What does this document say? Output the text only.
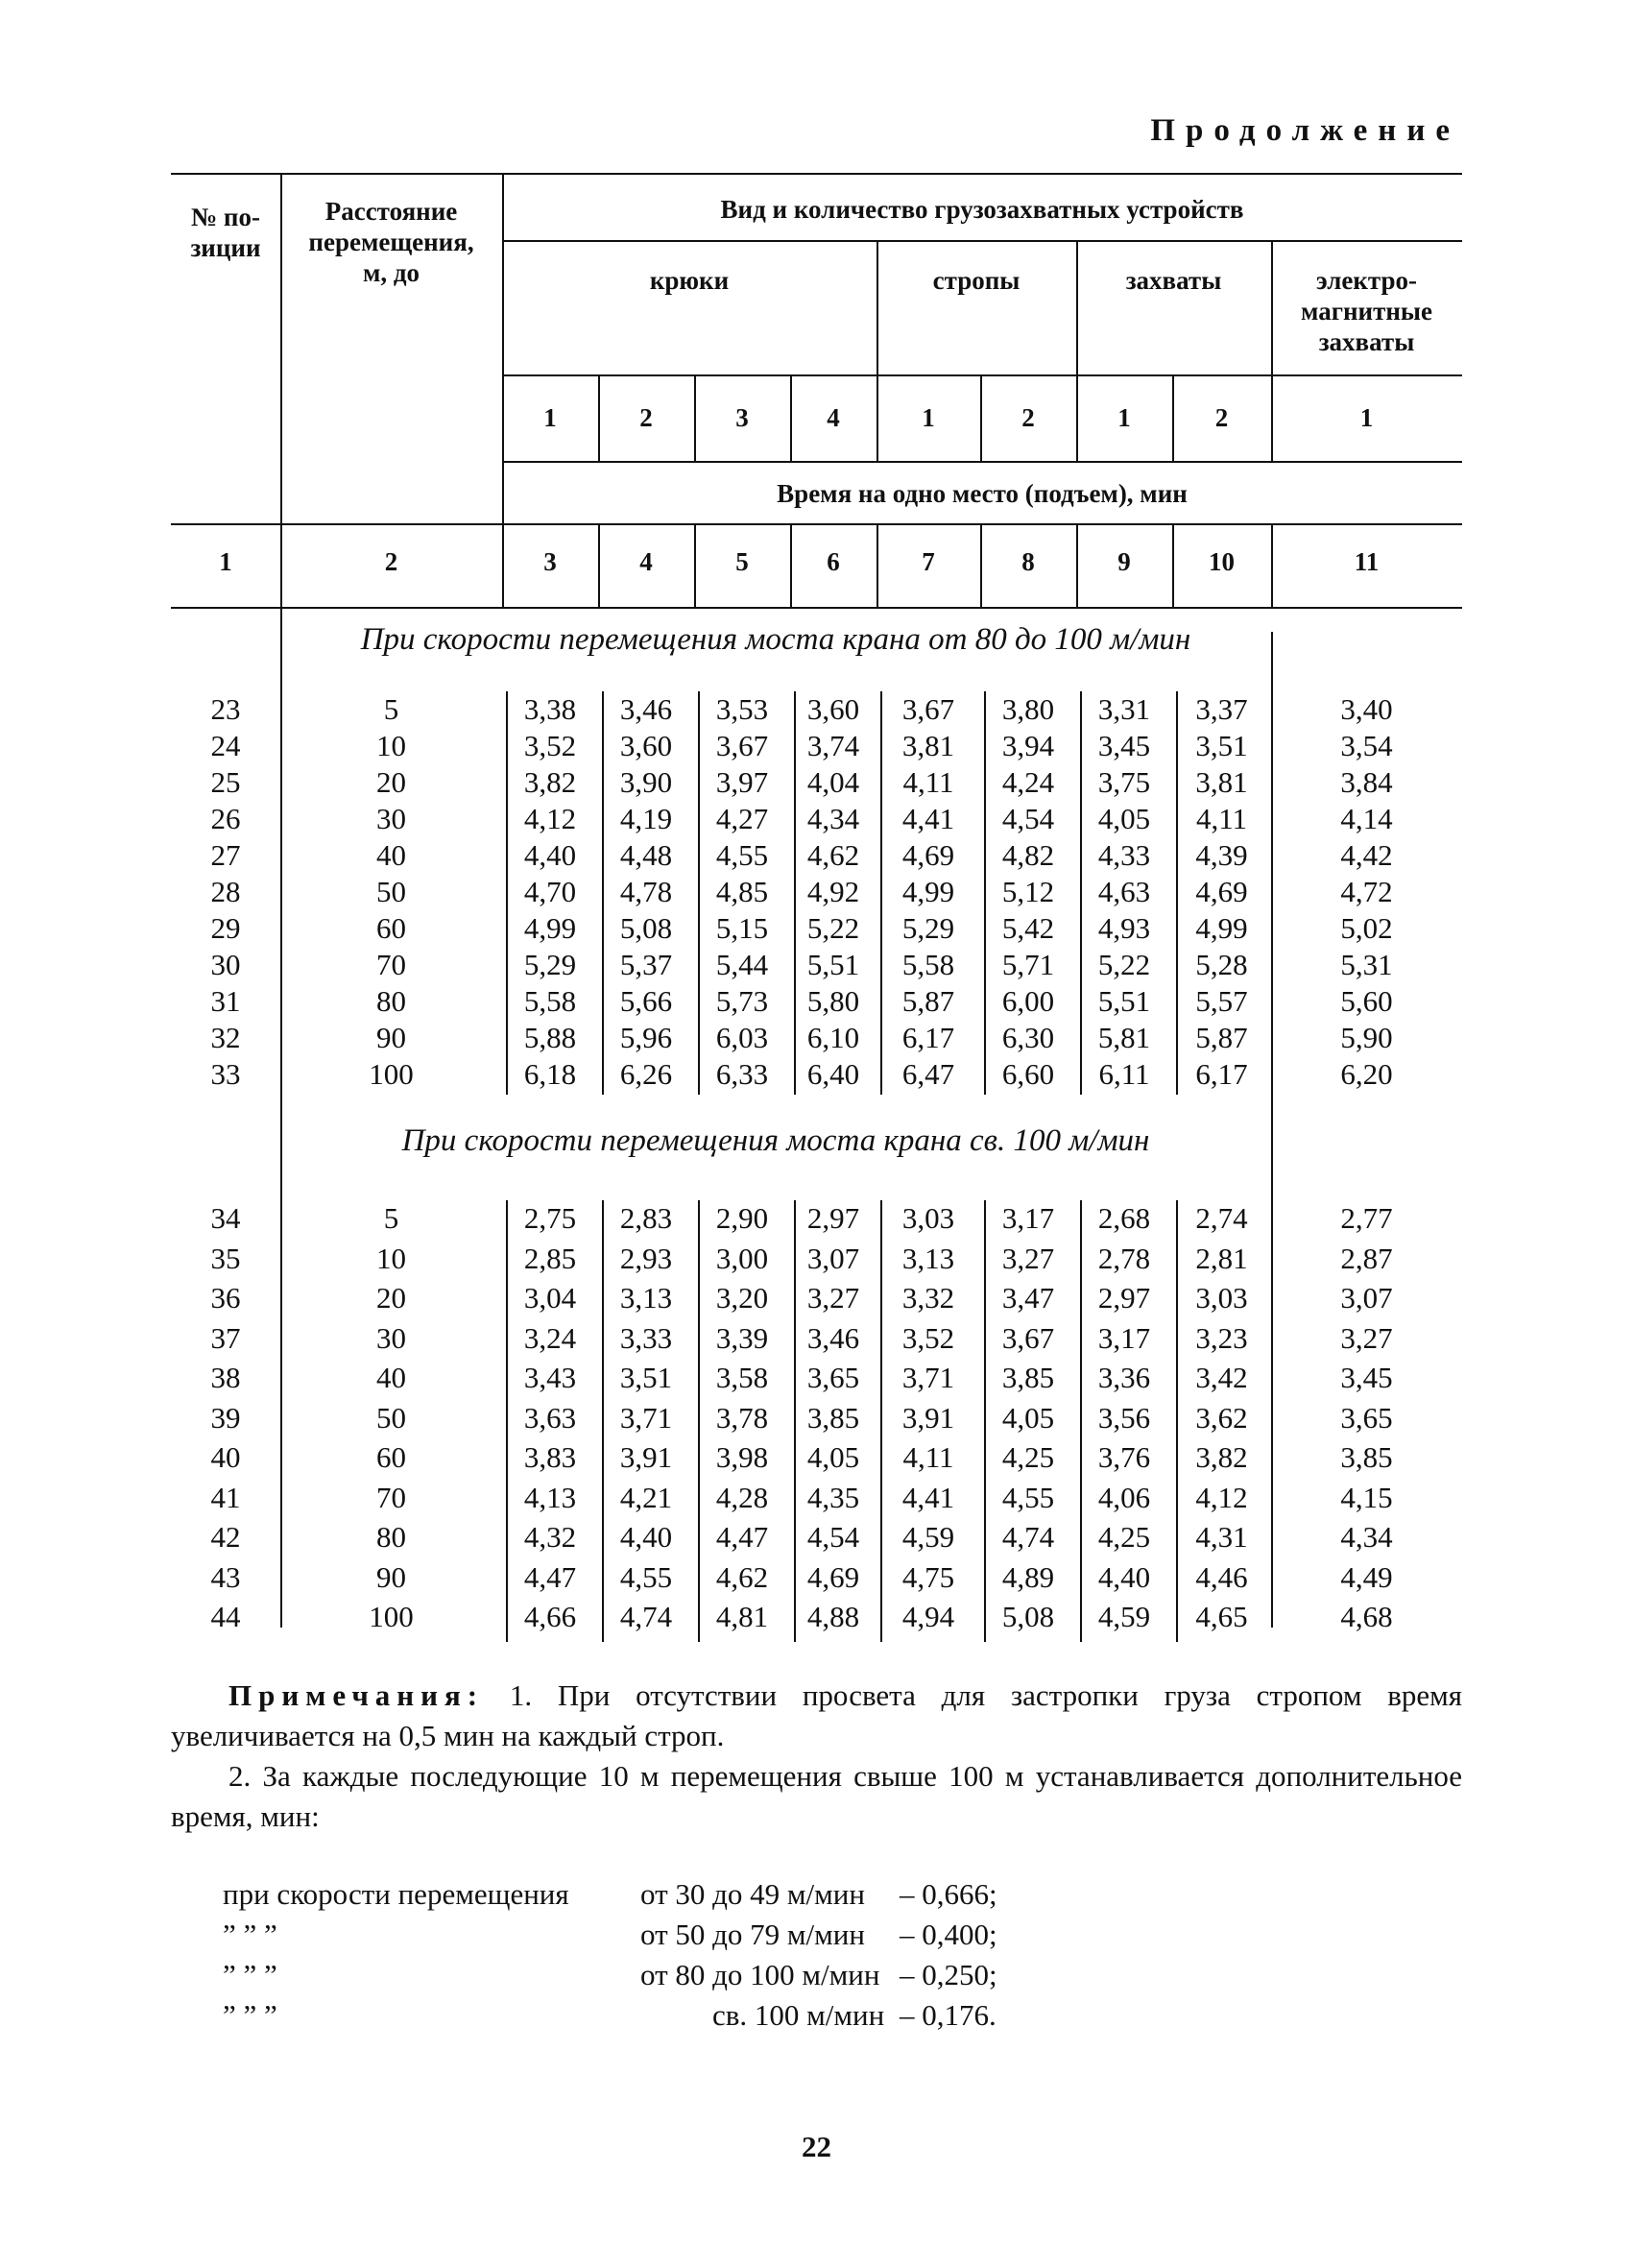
Продолжение
№ по-
зиции
Расстояние
перемещения,
м, до
Вид и количество грузозахватных устройств
крюки	стропы	захваты	электро-
магнитные
захваты
1	2	3	4	1	2	1	2	1
Время на одно место (подъем), мин
1	2	3	4	5	6	7	8	9	10	11
При скорости перемещения моста крана от 80 до 100 м/мин
23	5	3,38	3,46	3,53	3,60	3,67	3,80	3,31	3,37	3,40
24	10	3,52	3,60	3,67	3,74	3,81	3,94	3,45	3,51	3,54
25	20	3,82	3,90	3,97	4,04	4,11	4,24	3,75	3,81	3,84
26	30	4,12	4,19	4,27	4,34	4,41	4,54	4,05	4,11	4,14
27	40	4,40	4,48	4,55	4,62	4,69	4,82	4,33	4,39	4,42
28	50	4,70	4,78	4,85	4,92	4,99	5,12	4,63	4,69	4,72
29	60	4,99	5,08	5,15	5,22	5,29	5,42	4,93	4,99	5,02
30	70	5,29	5,37	5,44	5,51	5,58	5,71	5,22	5,28	5,31
31	80	5,58	5,66	5,73	5,80	5,87	6,00	5,51	5,57	5,60
32	90	5,88	5,96	6,03	6,10	6,17	6,30	5,81	5,87	5,90
33	100	6,18	6,26	6,33	6,40	6,47	6,60	6,11	6,17	6,20
При скорости перемещения моста крана св. 100 м/мин
34	5	2,75	2,83	2,90	2,97	3,03	3,17	2,68	2,74	2,77
35	10	2,85	2,93	3,00	3,07	3,13	3,27	2,78	2,81	2,87
36	20	3,04	3,13	3,20	3,27	3,32	3,47	2,97	3,03	3,07
37	30	3,24	3,33	3,39	3,46	3,52	3,67	3,17	3,23	3,27
38	40	3,43	3,51	3,58	3,65	3,71	3,85	3,36	3,42	3,45
39	50	3,63	3,71	3,78	3,85	3,91	4,05	3,56	3,62	3,65
40	60	3,83	3,91	3,98	4,05	4,11	4,25	3,76	3,82	3,85
41	70	4,13	4,21	4,28	4,35	4,41	4,55	4,06	4,12	4,15
42	80	4,32	4,40	4,47	4,54	4,59	4,74	4,25	4,31	4,34
43	90	4,47	4,55	4,62	4,69	4,75	4,89	4,40	4,46	4,49
44	100	4,66	4,74	4,81	4,88	4,94	5,08	4,59	4,65	4,68

Примечания: 1. При отсутствии просвета для застропки груза стропом время увеличивается на 0,5 мин на каждый строп.

2. За каждые последующие 10 м перемещения свыше 100 м устанавливается дополнительное время, мин:

при скорости перемещения от 30 до 49 м/мин – 0,666;
” ” ”	от 50 до 79 м/мин – 0,400;
” ” ”	от 80 до 100 м/мин – 0,250;
” ” ”	св. 100 м/мин – 0,176.
22
